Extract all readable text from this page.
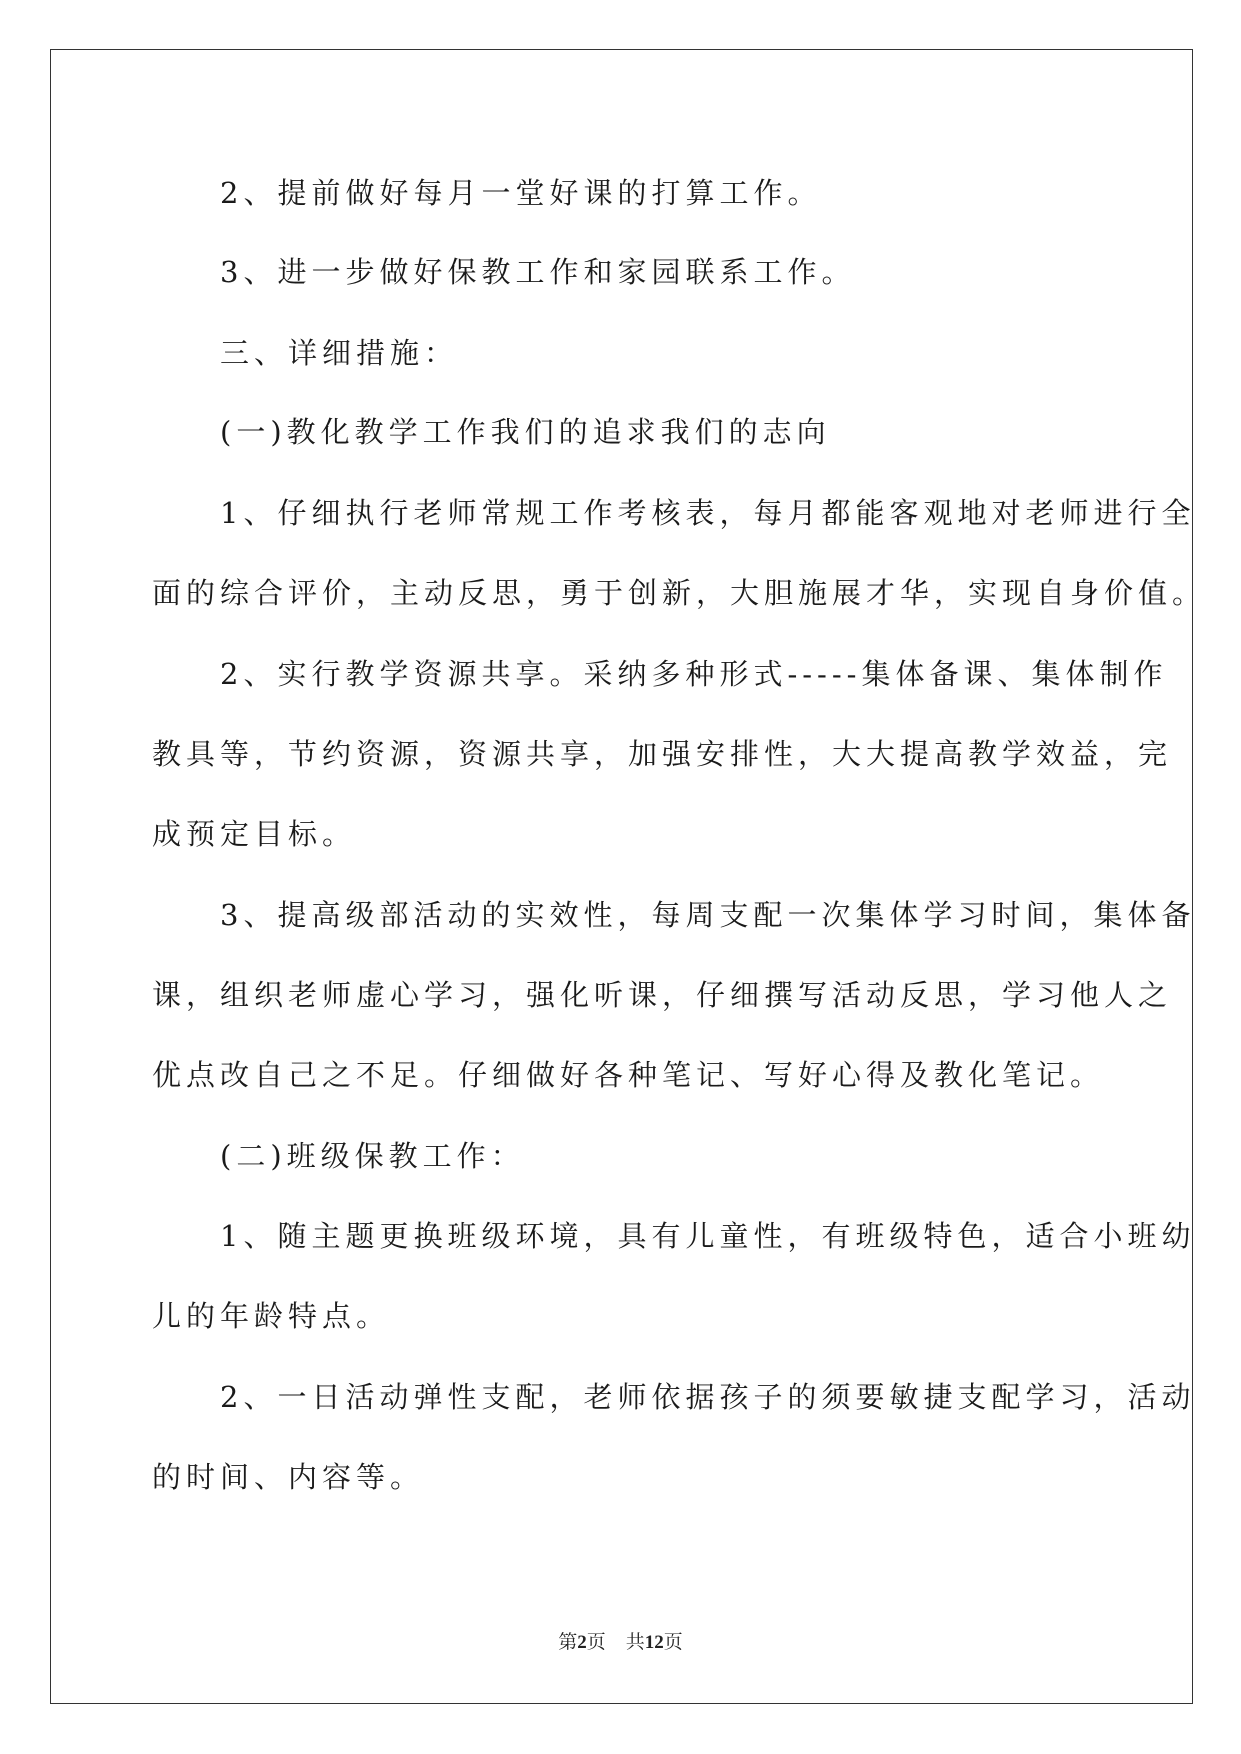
　　2、提前做好每月一堂好课的打算工作。
　　3、进一步做好保教工作和家园联系工作。
　　三、详细措施：
　　(一)教化教学工作我们的追求我们的志向
　　1、仔细执行老师常规工作考核表，每月都能客观地对老师进行全
面的综合评价，主动反思，勇于创新，大胆施展才华，实现自身价值。
　　2、实行教学资源共享。采纳多种形式-----集体备课、集体制作
教具等，节约资源，资源共享，加强安排性，大大提高教学效益，完
成预定目标。
　　3、提高级部活动的实效性，每周支配一次集体学习时间，集体备
课，组织老师虚心学习，强化听课，仔细撰写活动反思，学习他人之
优点改自己之不足。仔细做好各种笔记、写好心得及教化笔记。
　　(二)班级保教工作：
　　1、随主题更换班级环境，具有儿童性，有班级特色，适合小班幼
儿的年龄特点。
　　2、一日活动弹性支配，老师依据孩子的须要敏捷支配学习，活动
的时间、内容等。
第2页 共12页
